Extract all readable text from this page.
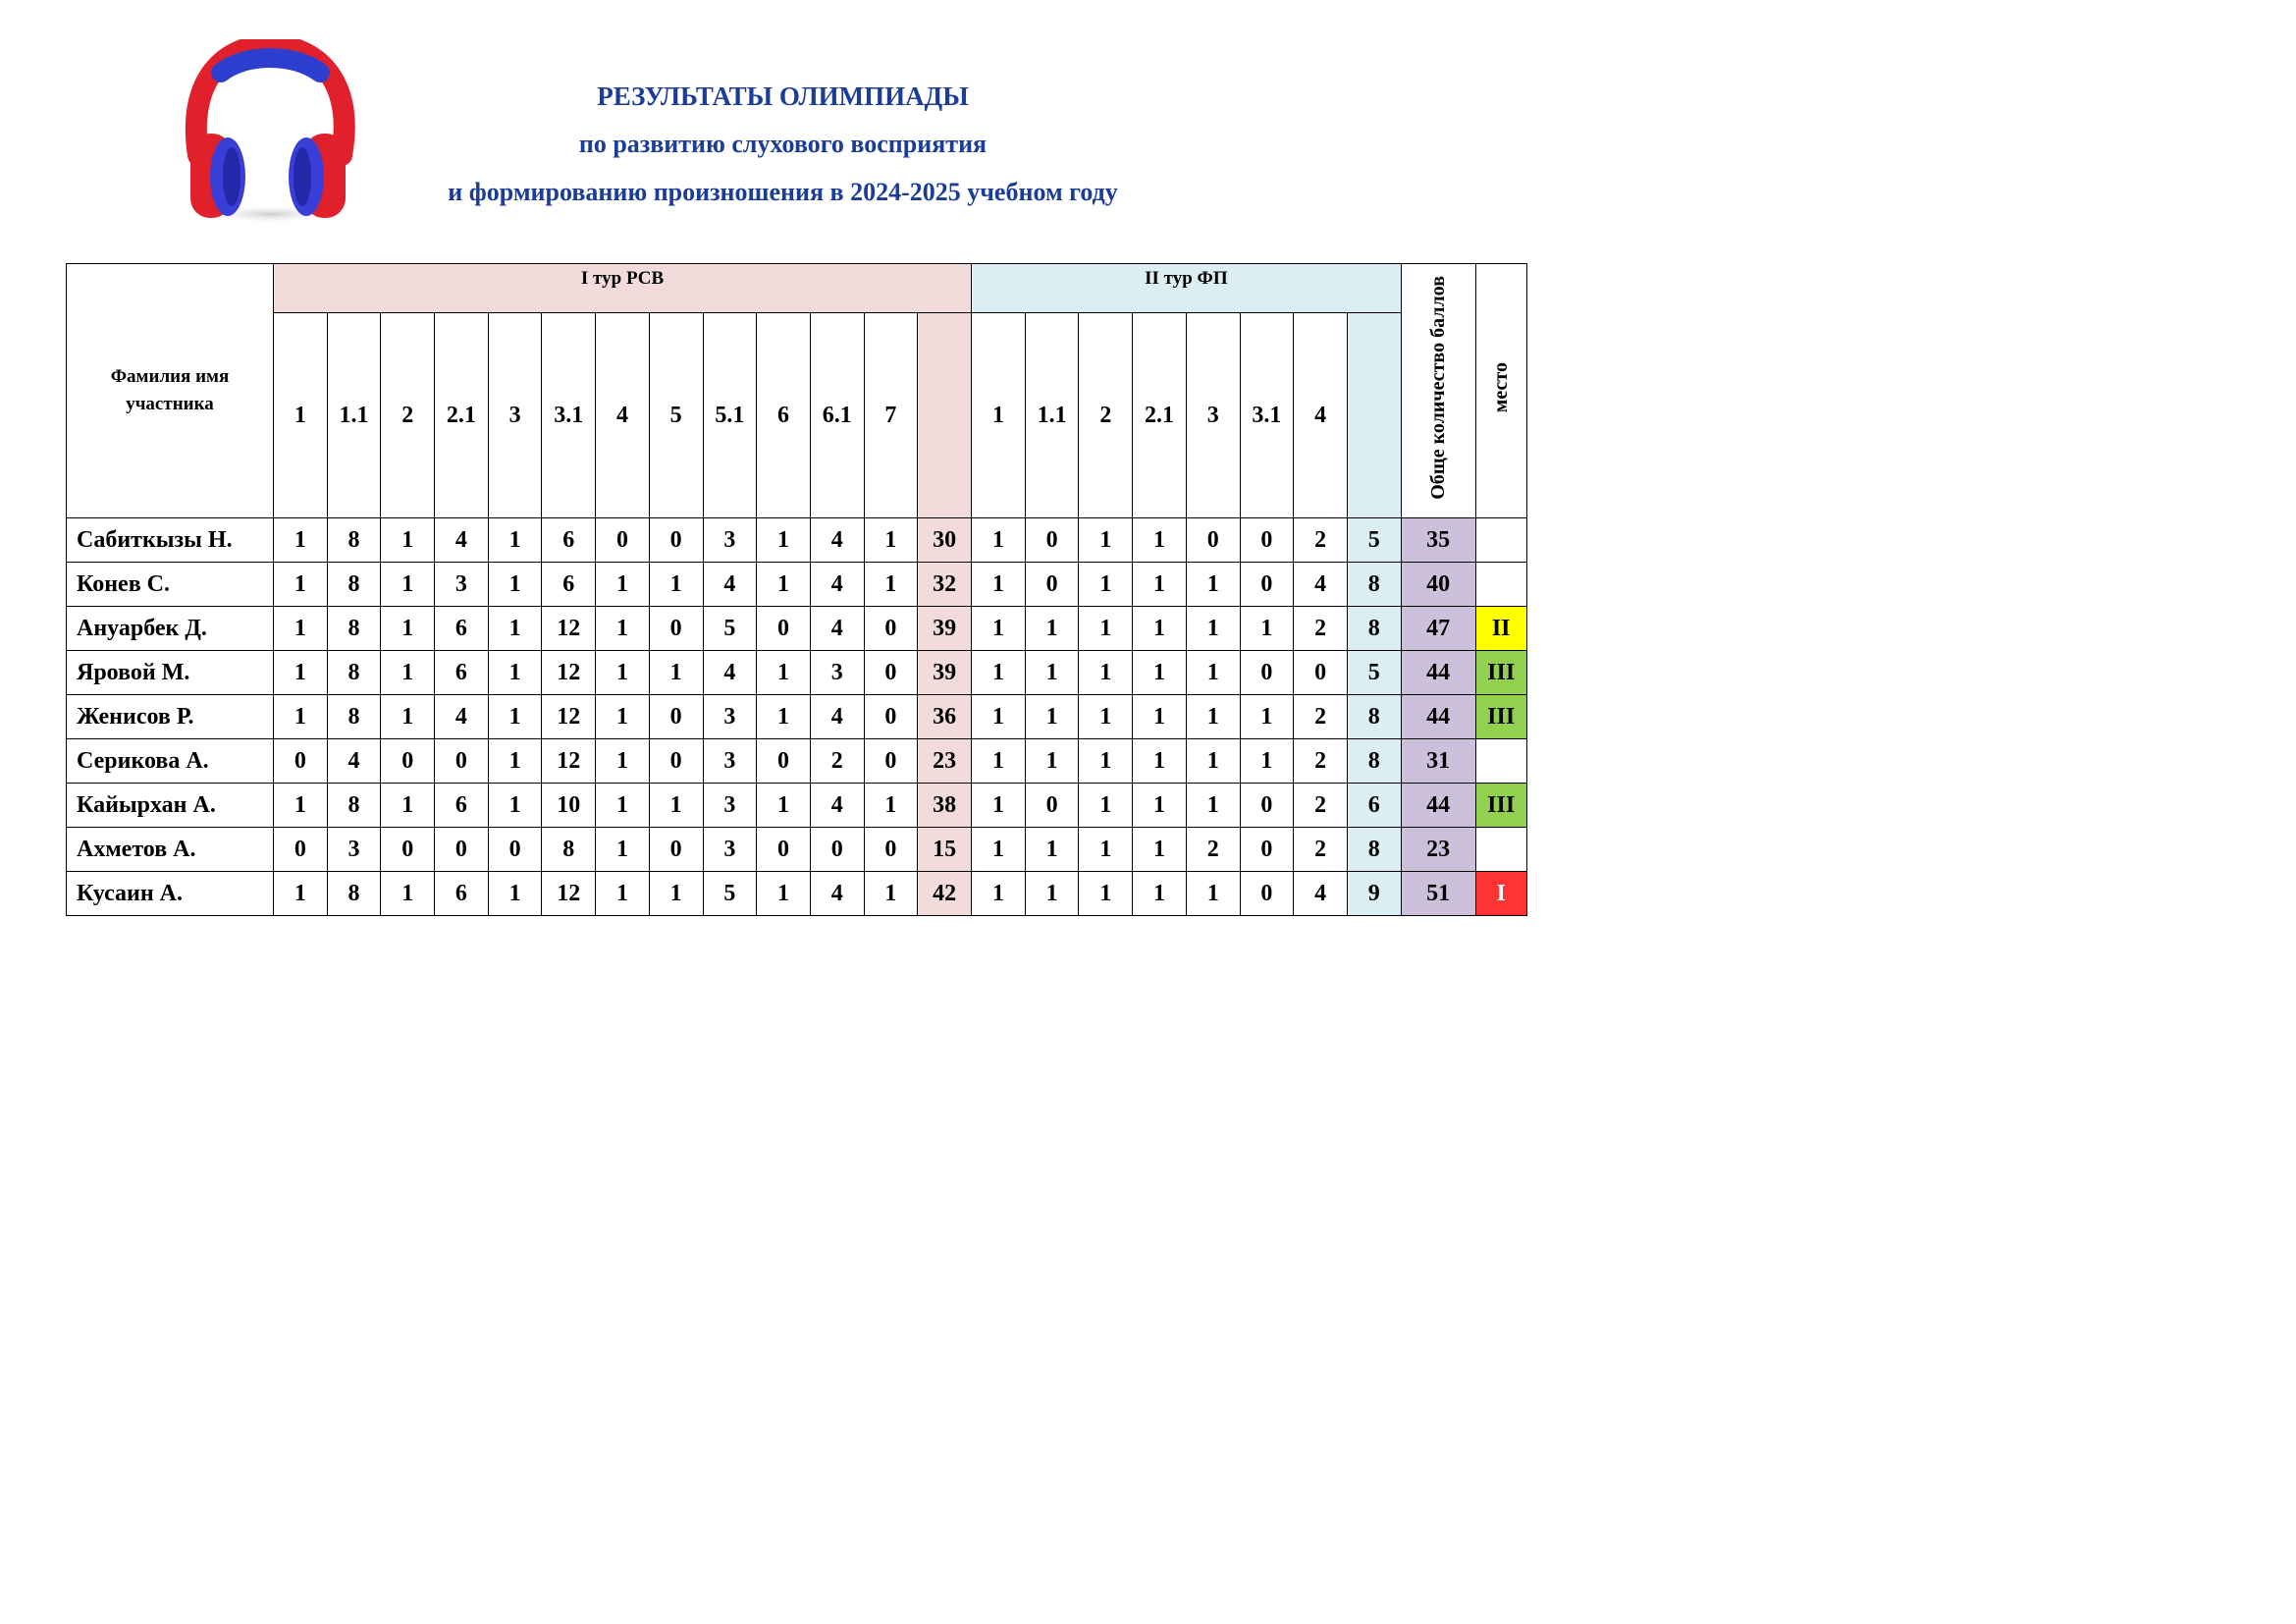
РЕЗУЛЬТАТЫ ОЛИМПИАДЫ
по развитию слухового восприятия
и формированию произношения в 2024-2025 учебном году
Фамилия имя участника	I тур РСВ													II тур ФП								Обще количество баллов	место
	1	1.1	2	2.1	3	3.1	4	5	5.1	6	6.1	7		1	1.1	2	2.1	3	3.1	4			
Сабиткызы Н.	1	8	1	4	1	6	0	0	3	1	4	1	30	1	0	1	1	0	0	2	5	35	
Конев С.	1	8	1	3	1	6	1	1	4	1	4	1	32	1	0	1	1	1	0	4	8	40	
Ануарбек Д.	1	8	1	6	1	12	1	0	5	0	4	0	39	1	1	1	1	1	1	2	8	47	II
Яровой М.	1	8	1	6	1	12	1	1	4	1	3	0	39	1	1	1	1	1	0	0	5	44	III
Женисов Р.	1	8	1	4	1	12	1	0	3	1	4	0	36	1	1	1	1	1	1	2	8	44	III
Серикова А.	0	4	0	0	1	12	1	0	3	0	2	0	23	1	1	1	1	1	1	2	8	31	
Кайырхан А.	1	8	1	6	1	10	1	1	3	1	4	1	38	1	0	1	1	1	0	2	6	44	III
Ахметов А.	0	3	0	0	0	8	1	0	3	0	0	0	15	1	1	1	1	2	0	2	8	23	
Кусаин А.	1	8	1	6	1	12	1	1	5	1	4	1	42	1	1	1	1	1	0	4	9	51	I
